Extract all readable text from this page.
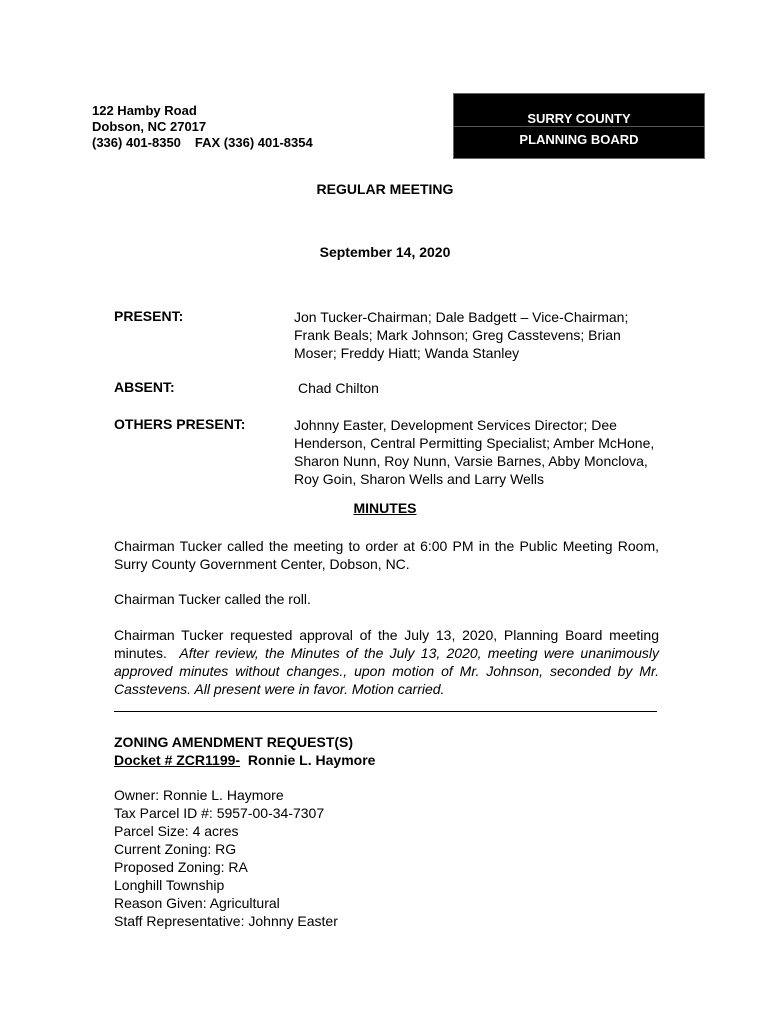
122 Hamby Road
Dobson, NC 27017
(336) 401-8350 FAX (336) 401-8354
SURRY COUNTY
PLANNING BOARD
REGULAR MEETING
September 14, 2020
PRESENT:	Jon Tucker-Chairman; Dale Badgett – Vice-Chairman; Frank Beals; Mark Johnson; Greg Casstevens; Brian Moser; Freddy Hiatt; Wanda Stanley
ABSENT:	Chad Chilton
OTHERS PRESENT:	Johnny Easter, Development Services Director; Dee Henderson, Central Permitting Specialist; Amber McHone, Sharon Nunn, Roy Nunn, Varsie Barnes, Abby Monclova, Roy Goin, Sharon Wells and Larry Wells
MINUTES
Chairman Tucker called the meeting to order at 6:00 PM in the Public Meeting Room, Surry County Government Center, Dobson, NC.
Chairman Tucker called the roll.
Chairman Tucker requested approval of the July 13, 2020, Planning Board meeting minutes. After review, the Minutes of the July 13, 2020, meeting were unanimously approved minutes without changes., upon motion of Mr. Johnson, seconded by Mr. Casstevens. All present were in favor. Motion carried.
ZONING AMENDMENT REQUEST(S)
Docket # ZCR1199- Ronnie L. Haymore
Owner: Ronnie L. Haymore
Tax Parcel ID #: 5957-00-34-7307
Parcel Size: 4 acres
Current Zoning: RG
Proposed Zoning: RA
Longhill Township
Reason Given: Agricultural
Staff Representative: Johnny Easter
